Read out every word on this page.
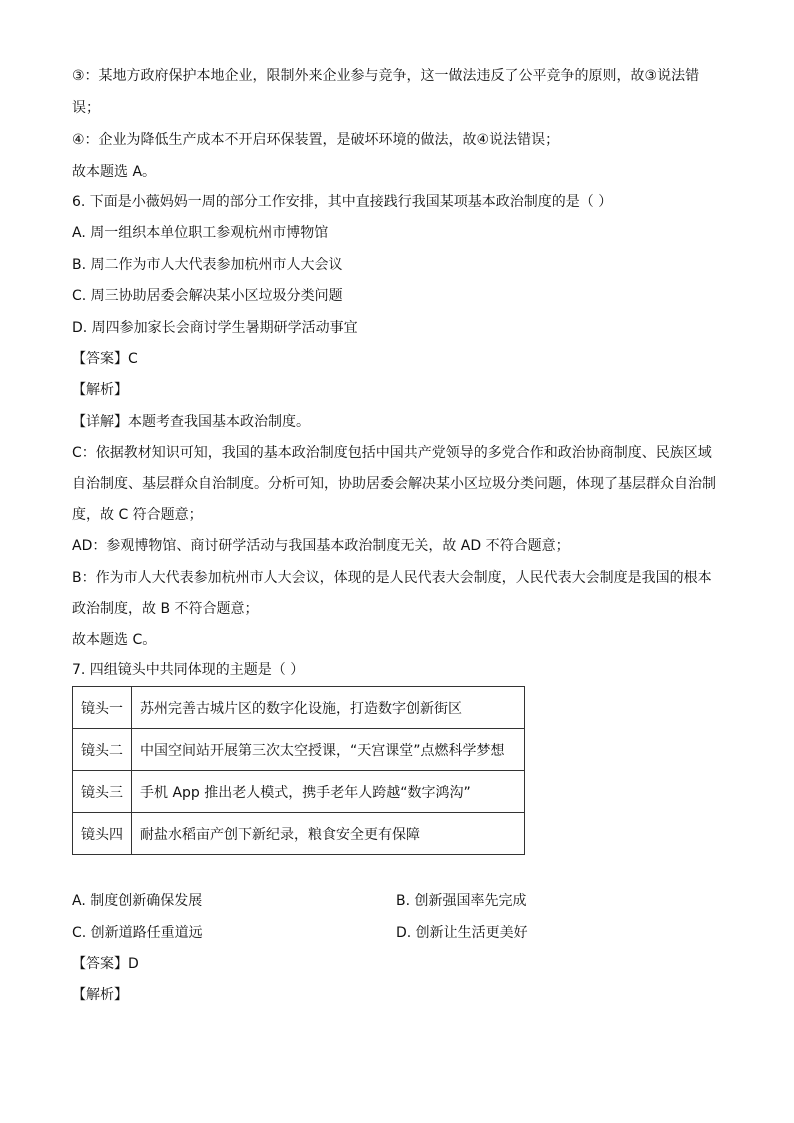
③：某地方政府保护本地企业，限制外来企业参与竞争，这一做法违反了公平竞争的原则，故③说法错
误；
④：企业为降低生产成本不开启环保装置，是破坏环境的做法，故④说法错误；
故本题选 A。
6. 下面是小薇妈妈一周的部分工作安排，其中直接践行我国某项基本政治制度的是（ ）
A. 周一组织本单位职工参观杭州市博物馆
B. 周二作为市人大代表参加杭州市人大会议
C. 周三协助居委会解决某小区垃圾分类问题
D. 周四参加家长会商讨学生暑期研学活动事宜
【答案】C
【解析】
【详解】本题考查我国基本政治制度。
C：依据教材知识可知，我国的基本政治制度包括中国共产党领导的多党合作和政治协商制度、民族区域
自治制度、基层群众自治制度。分析可知，协助居委会解决某小区垃圾分类问题，体现了基层群众自治制
度，故 C 符合题意；
AD：参观博物馆、商讨研学活动与我国基本政治制度无关，故 AD 不符合题意；
B：作为市人大代表参加杭州市人大会议，体现的是人民代表大会制度，人民代表大会制度是我国的根本
政治制度，故 B 不符合题意；
故本题选 C。
7. 四组镜头中共同体现的主题是（ ）
镜头一	苏州完善古城片区的数字化设施，打造数字创新街区
镜头二	中国空间站开展第三次太空授课，“天宫课堂”点燃科学梦想
镜头三	手机 App 推出老人模式，携手老年人跨越“数字鸿沟”
镜头四	耐盐水稻亩产创下新纪录，粮食安全更有保障
A. 制度创新确保发展	B. 创新强国率先完成
C. 创新道路任重道远	D. 创新让生活更美好
【答案】D
【解析】
